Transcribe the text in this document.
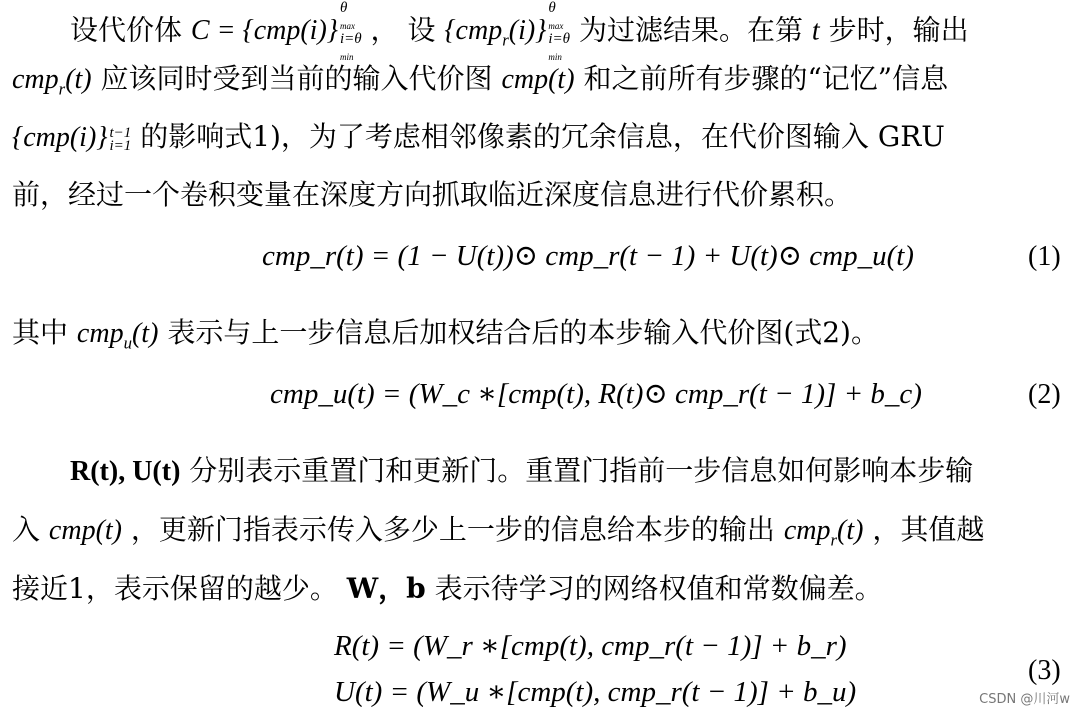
设代价体 C = {cmp(i)}
θ
$_{max}$
i=θ
$_{min}$
， 设 {cmp$_r$(i)}
θ
$_{max}$
i=θ
$_{min}$
为过滤结果。在第 t 步时，输出
cmp$_r$(t) 应该同时受到当前的输入代价图 cmp(t) 和之前所有步骤的“记忆”信息
{cmp(i)} t−1
i=1 的影响式1)，为了考虑相邻像素的冗余信息，在代价图输入 GRU
前，经过一个卷积变量在深度方向抓取临近深度信息进行代价累积。
cmp_r(t) = (1 − U(t))⊙ cmp_r(t − 1) + U(t)⊙ cmp_u(t)	(1)
其中 cmp$_u$(t) 表示与上一步信息后加权结合后的本步输入代价图(式2)。
cmp_u(t) = (W_c ∗[cmp(t), R(t)⊙ cmp_r(t − 1)] + b_c)	(2)
R(t), U(t) 分别表示重置门和更新门。重置门指前一步信息如何影响本步输
入 cmp(t) ，更新门指表示传入多少上一步的信息给本步的输出 cmp$_r$(t) ，其值越
接近1，表示保留的越少。 W，b 表示待学习的网络权值和常数偏差。
R(t) = (W_r ∗[cmp(t), cmp_r(t − 1)] + b_r)
U(t) = (W_u ∗[cmp(t), cmp_r(t − 1)] + b_u)
(3)
CSDN @川河w
